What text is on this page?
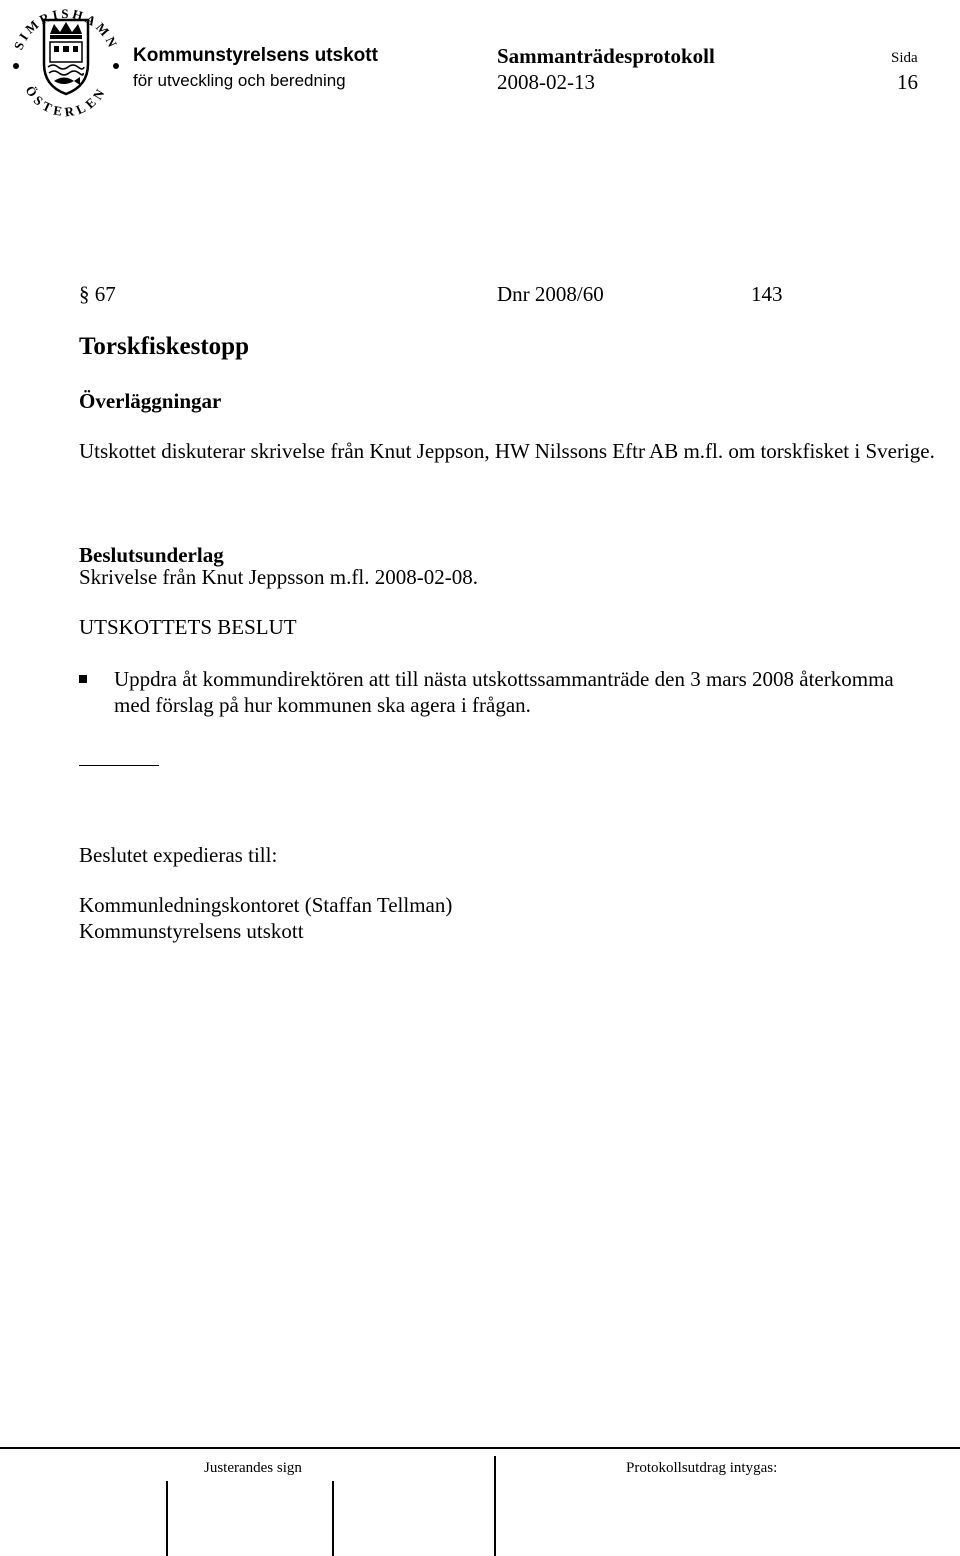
SIMRISHAMN
ÖSTERLEN
Kommunstyrelsens utskott
för utveckling och beredning
Sammanträdesprotokoll
2008-02-13
Sida
16
§ 67	Dnr 2008/60	143
Torskfiskestopp
Överläggningar
Utskottet diskuterar skrivelse från Knut Jeppson, HW Nilssons Eftr AB m.fl. om torskfisket i Sverige.
Beslutsunderlag
Skrivelse från Knut Jeppsson m.fl. 2008-02-08.
UTSKOTTETS BESLUT
Uppdra åt kommundirektören att till nästa utskottssammanträde den 3 mars 2008 återkomma med förslag på hur kommunen ska agera i frågan.
Beslutet expedieras till:
Kommunledningskontoret (Staffan Tellman)
Kommunstyrelsens utskott
Justerandes sign	Protokollsutdrag intygas:
